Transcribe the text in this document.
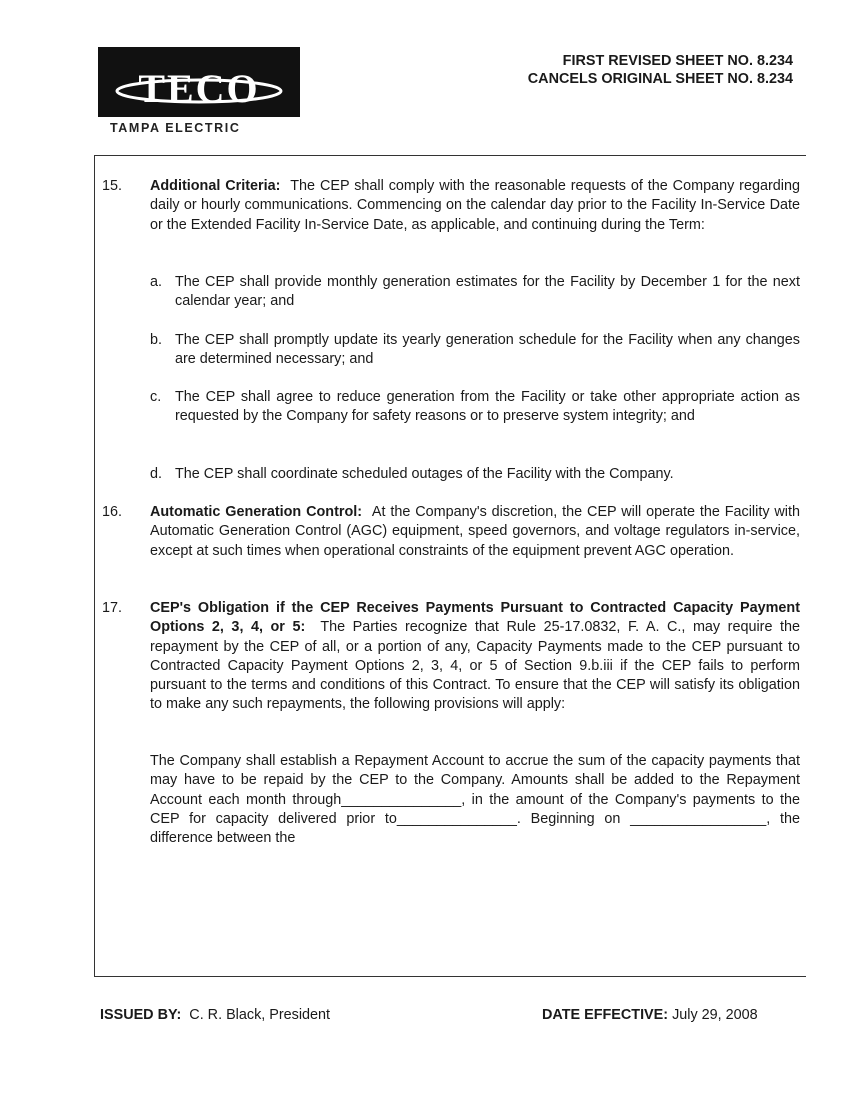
TECO
TAMPA ELECTRIC
FIRST REVISED SHEET NO. 8.234
CANCELS ORIGINAL SHEET NO. 8.234
15. Additional Criteria: The CEP shall comply with the reasonable requests of the Company regarding daily or hourly communications. Commencing on the calendar day prior to the Facility In-Service Date or the Extended Facility In-Service Date, as applicable, and continuing during the Term:
a. The CEP shall provide monthly generation estimates for the Facility by December 1 for the next calendar year; and
b. The CEP shall promptly update its yearly generation schedule for the Facility when any changes are determined necessary; and
c. The CEP shall agree to reduce generation from the Facility or take other appropriate action as requested by the Company for safety reasons or to preserve system integrity; and
d. The CEP shall coordinate scheduled outages of the Facility with the Company.
16. Automatic Generation Control: At the Company's discretion, the CEP will operate the Facility with Automatic Generation Control (AGC) equipment, speed governors, and voltage regulators in-service, except at such times when operational constraints of the equipment prevent AGC operation.
17. CEP's Obligation if the CEP Receives Payments Pursuant to Contracted Capacity Payment Options 2, 3, 4, or 5: The Parties recognize that Rule 25-17.0832, F. A. C., may require the repayment by the CEP of all, or a portion of any, Capacity Payments made to the CEP pursuant to Contracted Capacity Payment Options 2, 3, 4, or 5 of Section 9.b.iii if the CEP fails to perform pursuant to the terms and conditions of this Contract. To ensure that the CEP will satisfy its obligation to make any such repayments, the following provisions will apply:
The Company shall establish a Repayment Account to accrue the sum of the capacity payments that may have to be repaid by the CEP to the Company. Amounts shall be added to the Repayment Account each month through_______________, in the amount of the Company's payments to the CEP for capacity delivered prior to_______________. Beginning on _________________, the difference between the
ISSUED BY: C. R. Black, President	DATE EFFECTIVE: July 29, 2008
